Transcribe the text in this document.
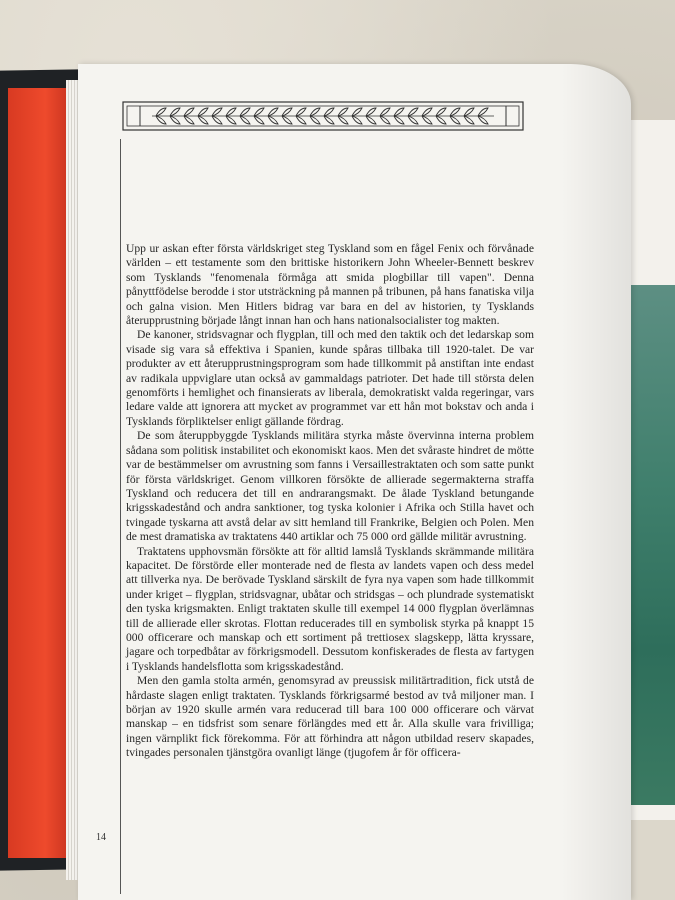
Upp ur askan efter första världskriget steg Tyskland som en fågel Fenix och förvånade världen – ett testamente som den brittiske historikern John Wheeler-Bennett beskrev som Tysklands "fenomenala förmåga att smida plogbillar till vapen". Denna pånyttfödelse berodde i stor utsträckning på mannen på tribunen, på hans fanatiska vilja och galna vision. Men Hitlers bidrag var bara en del av historien, ty Tysklands återupprustning började långt innan han och hans nationalsocialister tog makten.

De kanoner, stridsvagnar och flygplan, till och med den taktik och det ledarskap som visade sig vara så effektiva i Spanien, kunde spåras tillbaka till 1920-talet. De var produkter av ett återupprustningsprogram som hade tillkommit på anstiftan inte endast av radikala uppviglare utan också av gammaldags patrioter. Det hade till största delen genomförts i hemlighet och finansierats av liberala, demokratiskt valda regeringar, vars ledare valde att ignorera att mycket av programmet var ett hån mot bokstav och anda i Tysklands förpliktelser enligt gällande fördrag.

De som återuppbyggde Tysklands militära styrka måste övervinna interna problem sådana som politisk instabilitet och ekonomiskt kaos. Men det svåraste hindret de mötte var de bestämmelser om avrustning som fanns i Versaillestraktaten och som satte punkt för första världskriget. Genom villkoren försökte de allierade segermakterna straffa Tyskland och reducera det till en andrarangsmakt. De ålade Tyskland betungande krigsskadestånd och andra sanktioner, tog tyska kolonier i Afrika och Stilla havet och tvingade tyskarna att avstå delar av sitt hemland till Frankrike, Belgien och Polen. Men de mest dramatiska av traktatens 440 artiklar och 75 000 ord gällde militär avrustning.

Traktatens upphovsmän försökte att för alltid lamslå Tysklands skrämmande militära kapacitet. De förstörde eller monterade ned de flesta av landets vapen och dess medel att tillverka nya. De berövade Tyskland särskilt de fyra nya vapen som hade tillkommit under kriget – flygplan, stridsvagnar, ubåtar och stridsgas – och plundrade systematiskt den tyska krigsmakten. Enligt traktaten skulle till exempel 14 000 flygplan överlämnas till de allierade eller skrotas. Flottan reducerades till en symbolisk styrka på knappt 15 000 officerare och manskap och ett sortiment på trettiosex slagskepp, lätta kryssare, jagare och torpedbåtar av förkrigsmodell. Dessutom konfiskerades de flesta av fartygen i Tysklands handelsflotta som krigsskadestånd.

Men den gamla stolta armén, genomsyrad av preussisk militärtradition, fick utstå de hårdaste slagen enligt traktaten. Tysklands förkrigsarmé bestod av två miljoner man. I början av 1920 skulle armén vara reducerad till bara 100 000 officerare och värvat manskap – en tidsfrist som senare förlängdes med ett år. Alla skulle vara frivilliga; ingen värnplikt fick förekomma. För att förhindra att någon utbildad reserv skapades, tvingades personalen tjänstgöra ovanligt länge (tjugofem år för officera-

14
